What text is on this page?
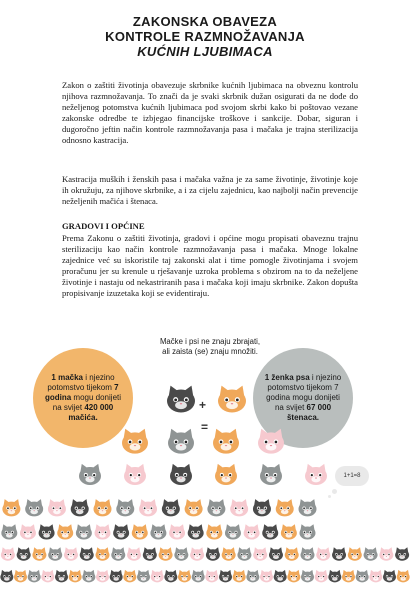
ZAKONSKA OBAVEZA
KONTROLE RAZMNOŽAVANJA
KUĆNIH LJUBIMACA

Zakon o zaštiti životinja obavezuje skrbnike kućnih ljubimaca na obveznu kontrolu njihova razmnožavanja. To znači da je svaki skrbnik dužan osigurati da ne dođe do neželjenog potomstva kućnih ljubimaca pod svojom skrbi kako bi poštovao vezane zakonske odredbe te izbjegao financijske troškove i sankcije. Dobar, siguran i dugoročno jeftin način kontrole razmnožavanja pasa i mačaka je trajna sterilizacija odnosno kastracija.

Kastracija muških i ženskih pasa i mačaka važna je za same životinje, životinje koje ih okružuju, za njihove skrbnike, a i za cijelu zajednicu, kao najbolji način prevencije neželjenih mačića i štenaca.

GRADOVI I OPĆINE

Prema Zakonu o zaštiti životinja, gradovi i općine mogu propisati obaveznu trajnu sterilizaciju kao način kontrole razmnožavanja pasa i mačaka. Mnoge lokalne zajednice već su iskoristile taj zakonski alat i time pomogle životinjama i svojem proračunu jer su krenule u rješavanje uzroka problema s obzirom na to da neželjene životinje i nastaju od nekastriranih pasa i mačaka koji imaju skrbnike. Zakon dopušta propisivanje izuzetaka koji se evidentiraju.

Mačke i psi ne znaju zbrajati, ali zaista (se) znaju množiti.
1 mačka i njezino potomstvo tijekom 7 godina mogu donijeti na svijet 420 000 mačića.
1 ženka psa i njezino potomstvo tijekom 7 godina mogu donijeti na svijet 67 000 štenaca.
+
=
1+1=8
